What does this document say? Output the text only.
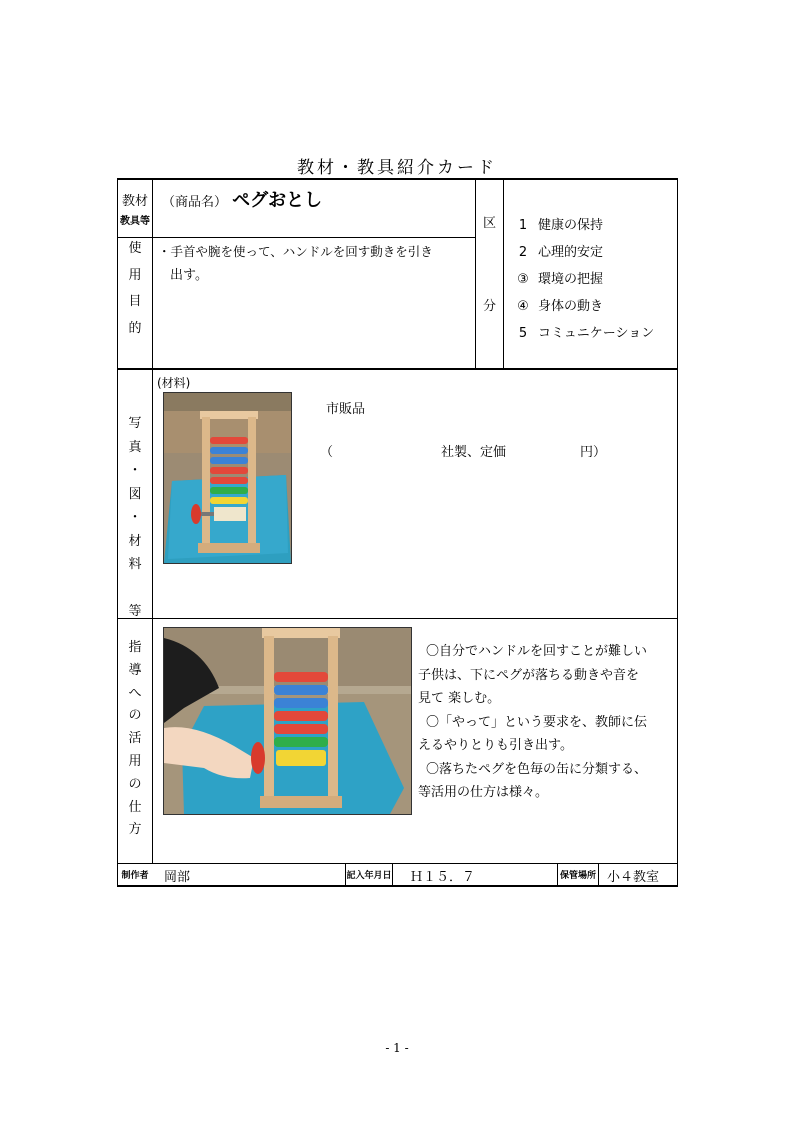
教材・教具紹介カード
教材
教具等
（商品名） ペグおとし
使
用
目
的
・手首や腕を使って、ハンドルを回す動きを引き
出す。
区
分
1 健康の保持
2 心理的安定
③ 環境の把握
④ 身体の動き
5 コミュニケーション
写
真
・
図
・
材
料

等
(材料)
市販品
（	社製、定価	円）
指
導
へ
の
活
用
の
仕
方
〇自分でハンドルを回すことが難しい
子供は、下にペグが落ちる動きや音を
見て 楽しむ。
〇「やって」という要求を、教師に伝
えるやりとりも引き出す。
〇落ちたペグを色毎の缶に分類する、
等活用の仕方は様々。
制作者 岡部	記入年月日 Ｈ１５．７	保管場所 小４教室
- 1 -
